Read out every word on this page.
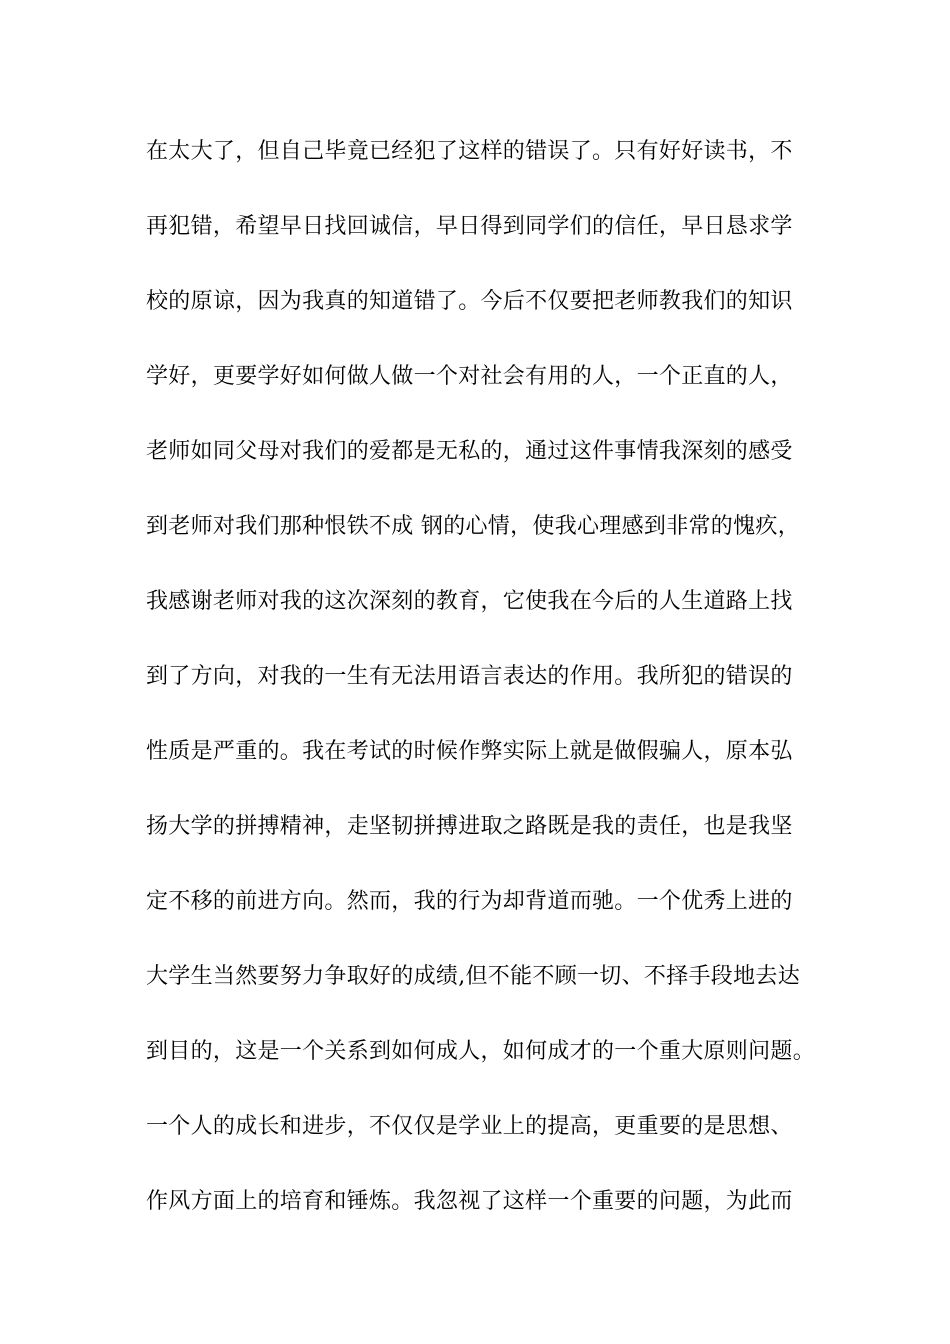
在太大了，但自己毕竟已经犯了这样的错误了。只有好好读书，不
再犯错，希望早日找回诚信，早日得到同学们的信任，早日恳求学
校的原谅，因为我真的知道错了。今后不仅要把老师教我们的知识
学好，更要学好如何做人做一个对社会有用的人，一个正直的人，
老师如同父母对我们的爱都是无私的，通过这件事情我深刻的感受
到老师对我们那种恨铁不成 钢的心情，使我心理感到非常的愧疚，
我感谢老师对我的这次深刻的教育，它使我在今后的人生道路上找
到了方向，对我的一生有无法用语言表达的作用。我所犯的错误的
性质是严重的。我在考试的时候作弊实际上就是做假骗人，原本弘
扬大学的拼搏精神，走坚韧拼搏进取之路既是我的责任，也是我坚
定不移的前进方向。然而，我的行为却背道而驰。一个优秀上进的
大学生当然要努力争取好的成绩,但不能不顾一切、不择手段地去达
到目的，这是一个关系到如何成人，如何成才的一个重大原则问题。
一个人的成长和进步，不仅仅是学业上的提高，更重要的是思想、
作风方面上的培育和锤炼。我忽视了这样一个重要的问题，为此而
